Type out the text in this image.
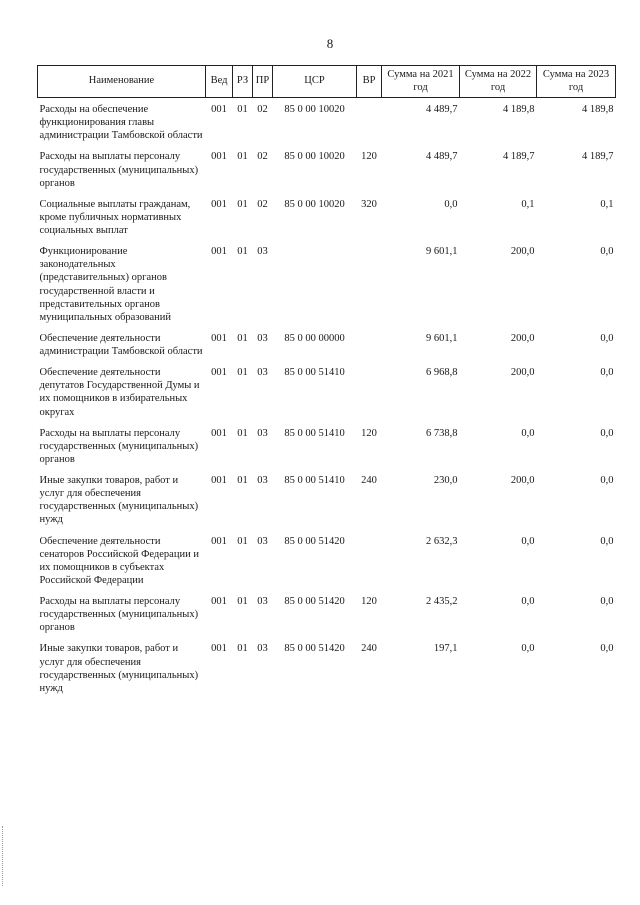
8
Наименование	Вед	РЗ	ПР	ЦСР	ВР	Сумма на 2021 год	Сумма на 2022 год	Сумма на 2023 год
Расходы на обеспечение функционирования главы администрации Тамбовской области	001	01	02	85 0 00 10020		4 489,7	4 189,8	4 189,8
Расходы на выплаты персоналу государственных (муниципальных) органов	001	01	02	85 0 00 10020	120	4 489,7	4 189,7	4 189,7
Социальные выплаты гражданам, кроме публичных нормативных социальных выплат	001	01	02	85 0 00 10020	320	0,0	0,1	0,1
Функционирование законодательных (представительных) органов государственной власти и представительных органов муниципальных образований	001	01	03			9 601,1	200,0	0,0
Обеспечение деятельности администрации Тамбовской области	001	01	03	85 0 00 00000		9 601,1	200,0	0,0
Обеспечение деятельности депутатов Государственной Думы и их помощников в избирательных округах	001	01	03	85 0 00 51410		6 968,8	200,0	0,0
Расходы на выплаты персоналу государственных (муниципальных) органов	001	01	03	85 0 00 51410	120	6 738,8	0,0	0,0
Иные закупки товаров, работ и услуг для обеспечения государственных (муниципальных) нужд	001	01	03	85 0 00 51410	240	230,0	200,0	0,0
Обеспечение деятельности сенаторов Российской Федерации и их помощников в субъектах Российской Федерации	001	01	03	85 0 00 51420		2 632,3	0,0	0,0
Расходы на выплаты персоналу государственных (муниципальных) органов	001	01	03	85 0 00 51420	120	2 435,2	0,0	0,0
Иные закупки товаров, работ и услуг для обеспечения государственных (муниципальных) нужд	001	01	03	85 0 00 51420	240	197,1	0,0	0,0
